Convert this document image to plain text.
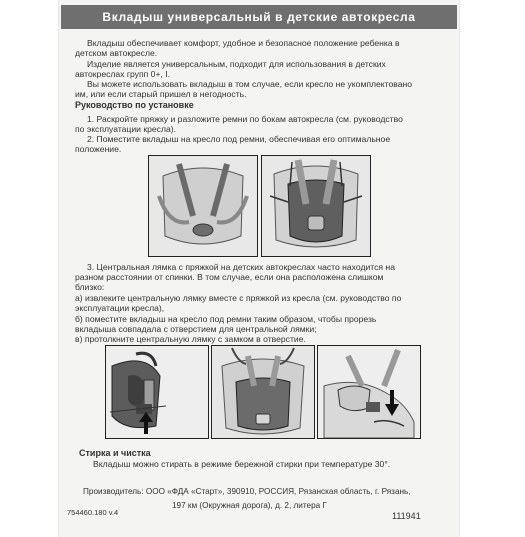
Вкладыш универсальный в детские автокресла
Вкладыш обеспечивает комфорт, удобное и безопасное положение ребенка в
детском автокресле.
Изделие является универсальным, подходит для использования в детских
автокреслах групп 0+, I.
Вы можете использовать вкладыш в том случае, если кресло не укомплектовано
им, или если старый пришел в негодность.
Руководство по установке
1. Раскройте пряжку и разложите ремни по бокам автокресла (см. руководство
по эксплуатации кресла).
2. Поместите вкладыш на кресло под ремни, обеспечивая его оптимальное
положение.
3. Центральная лямка с пряжкой на детских автокреслах часто находится на
разном расстоянии от спинки. В том случае, если она расположена слишком
близко:
а) извлеките центральную лямку вместе с пряжкой из кресла (см. руководство по
эксплуатации кресла),
б) поместите вкладыш на кресло под ремни таким образом, чтобы прорезь
вкладыша совпадала с отверстием для центральной лямки;
в) протолкните центральную лямку с замком в отверстие.
Стирка и чистка
Вкладыш можно стирать в режиме бережной стирки при температуре 30°.
Производитель: ООО «ФДА «Старт», 390910, РОССИЯ, Рязанская область, г. Рязань,
197 км (Окружная дорога), д. 2, литера Г
754460.180 v.4	111941
